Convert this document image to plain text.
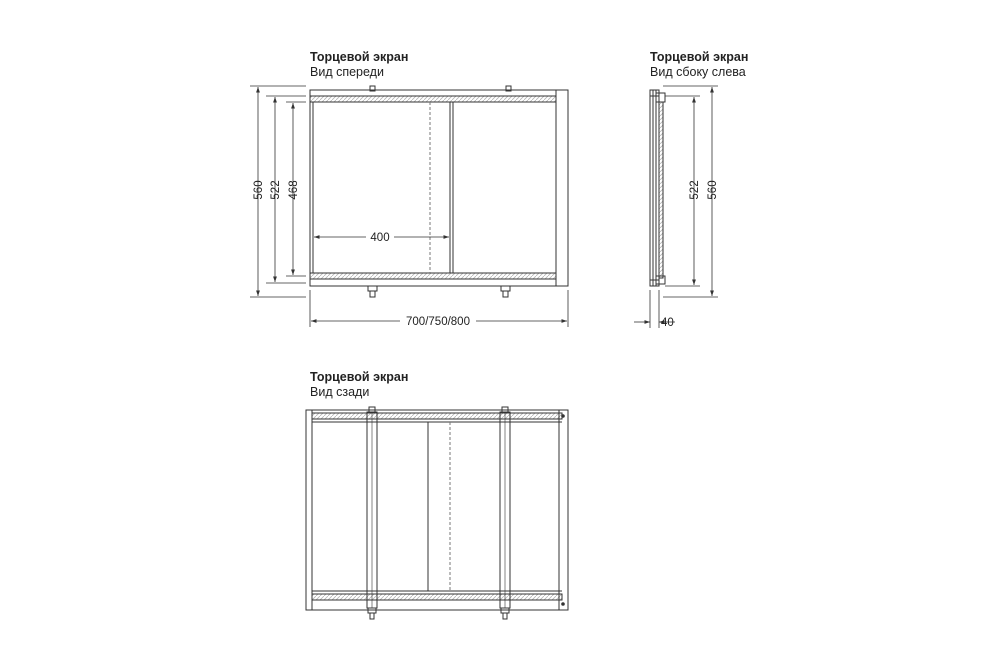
Торцевой экран
Вид спереди
Торцевой экран
Вид сбоку слева
Торцевой экран
Вид сзади
400
700/750/800
560 522 468	522 560
40
